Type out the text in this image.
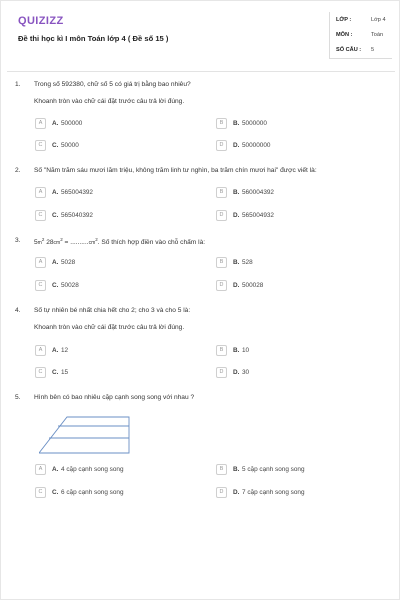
QUIZIZZ
Đề thi học kì I môn Toán lớp 4 ( Đề số 15 )
LỚP :	Lớp 4
MÔN :	Toán
SỐ CÂU : 5
1. Trong số 592380, chữ số 5 có giá trị bằng bao nhiêu?
Khoanh tròn vào chữ cái đặt trước câu trả lời đúng.
A	A. 500000	B	B. 5000000
C	C. 50000	D	D. 50000000
2. Số "Năm trăm sáu mươi lăm triệu, không trăm linh tư nghìn, ba trăm chín mươi hai" được viết là:
A	A. 565004392	B	B. 560004392
C	C. 565040392	D	D. 565004932
3. $5m^2$ $28cm^2 = ..........cm^2$. Số thích hợp điền vào chỗ chấm là:
A	A. 5028	B	B. 528
C	C. 50028	D	D. 500028
4. Số tự nhiên bé nhất chia hết cho 2; cho 3 và cho 5 là:
Khoanh tròn vào chữ cái đặt trước câu trả lời đúng.
A	A. 12	B	B. 10
C	C. 15	D	D. 30
5. Hình bên có bao nhiêu cặp cạnh song song với nhau ?
A	A. 4 cặp cạnh song song	B	B. 5 cặp cạnh song song
C	C. 6 cặp cạnh song song	D	D. 7 cặp cạnh song song
